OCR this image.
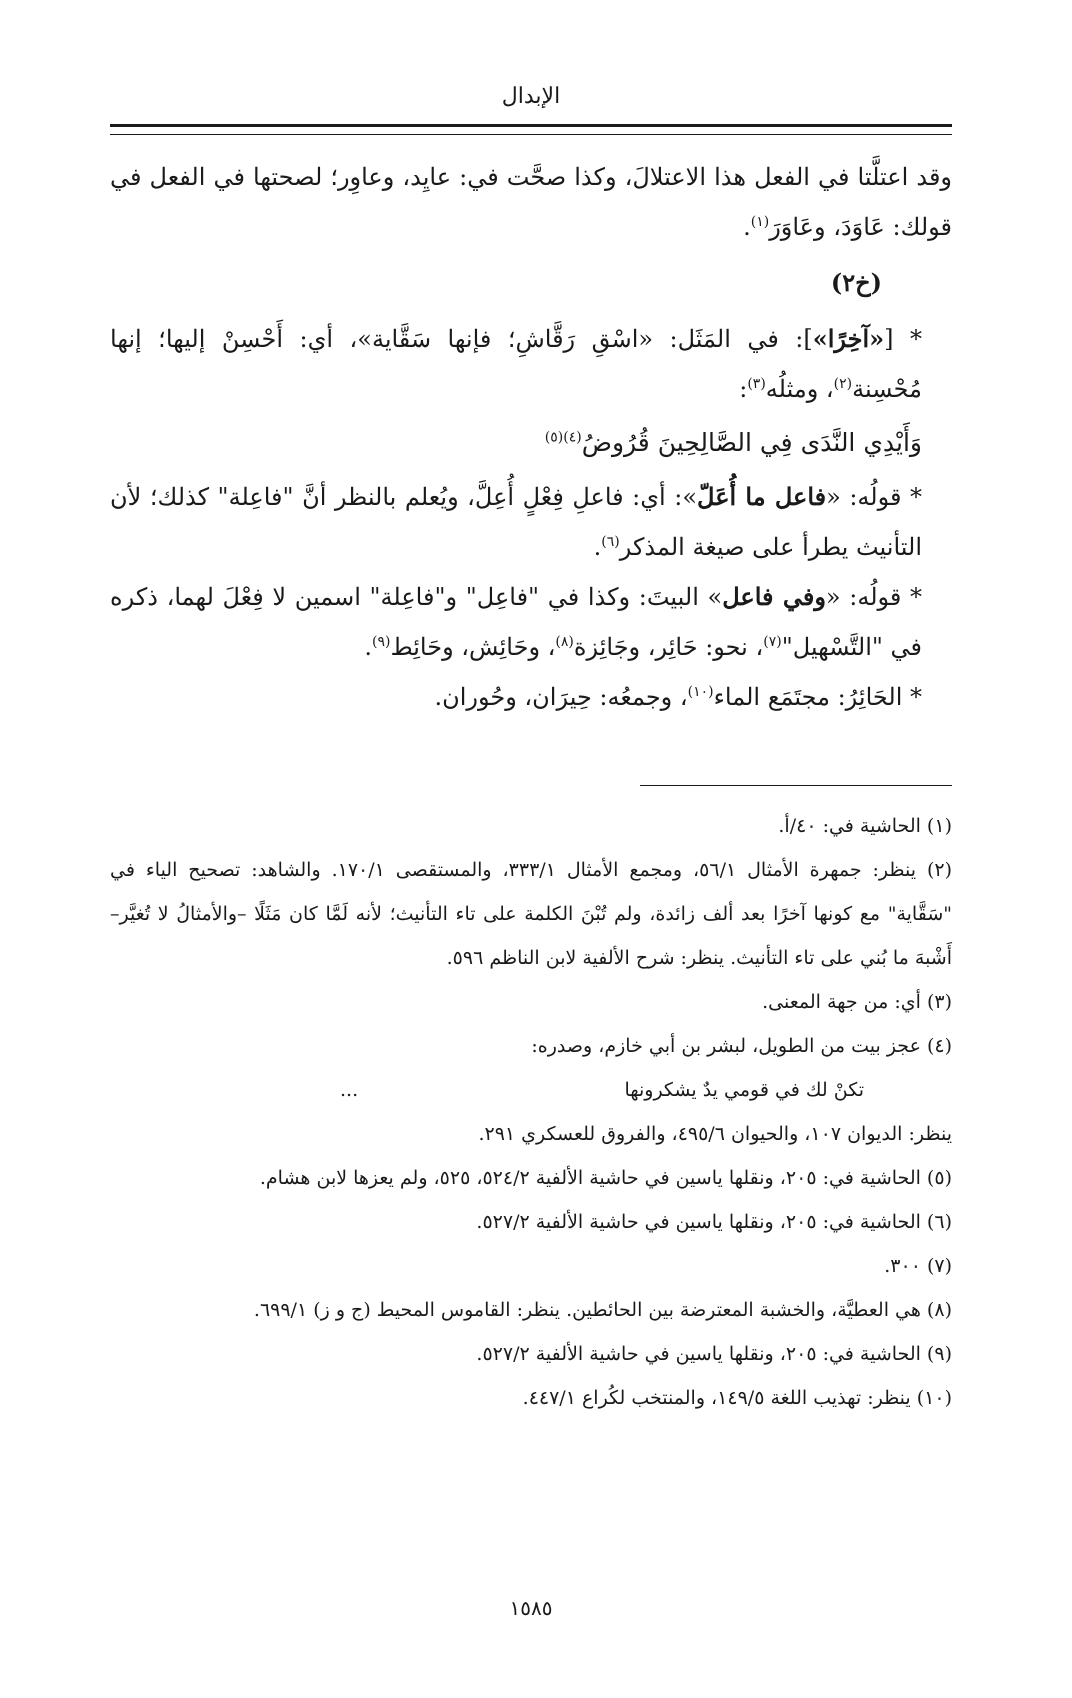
الإبدال

وقد اعتلَّتا في الفعل هذا الاعتلالَ، وكذا صحَّت في: عايِد، وعاوِر؛ لصحتها في الفعل في قولك: عَاوَدَ، وعَاوَرَ$^{(١)}$.

(خ٢)

* [«آخِرًا»]: في المَثَل: «اسْقِ رَقَّاشِ؛ فإنها سَقَّاية»، أي: أَحْسِنْ إليها؛ إنها مُحْسِنة$^{(٢)}$، ومثلُه$^{(٣)}$:

وَأَيْدِي النَّدَى فِي الصَّالِحِينَ قُرُوضُ$^{(٤)(٥)}$

* قولُه: «فاعل ما أُعَلّ»: أي: فاعلِ فِعْلٍ أُعِلَّ، ويُعلم بالنظر أنَّ "فاعِلة" كذلك؛ لأن التأنيث يطرأ على صيغة المذكر$^{(٦)}$.

* قولُه: «وفي فاعل» البيتَ: وكذا في "فاعِل" و"فاعِلة" اسمين لا فِعْلَ لهما، ذكره في "التَّسْهيل"$^{(٧)}$، نحو: حَائِر، وجَائِزة$^{(٨)}$، وحَائِش، وحَائِط$^{(٩)}$.

* الحَائِرُ: مجتَمَع الماء$^{(١٠)}$، وجمعُه: حِيرَان، وحُوران.

(١) الحاشية في: ٤٠/أ.

(٢) ينظر: جمهرة الأمثال ٥٦/١، ومجمع الأمثال ٣٣٣/١، والمستقصى ١٧٠/١. والشاهد: تصحيح الياء في "سَقَّاية" مع كونها آخرًا بعد ألف زائدة، ولم تُبْنَ الكلمة على تاء التأنيث؛ لأنه لَمَّا كان مَثَلًا –والأمثالُ لا تُغيَّر– أَشْبهَ ما بُني على تاء التأنيث. ينظر: شرح الألفية لابن الناظم ٥٩٦.

(٣) أي: من جهة المعنى.

(٤) عجز بيت من الطويل، لبشر بن أبي خازم، وصدره:

تكنْ لك في قومي يدٌ يشكرونها
...

ينظر: الديوان ١٠٧، والحيوان ٤٩٥/٦، والفروق للعسكري ٢٩١.

(٥) الحاشية في: ٢٠٥، ونقلها ياسين في حاشية الألفية ٥٢٤/٢، ٥٢٥، ولم يعزها لابن هشام.

(٦) الحاشية في: ٢٠٥، ونقلها ياسين في حاشية الألفية ٥٢٧/٢.

(٧) ٣٠٠.

(٨) هي العطيَّة، والخشبة المعترضة بين الحائطين. ينظر: القاموس المحيط (ج و ز) ٦٩٩/١.

(٩) الحاشية في: ٢٠٥، ونقلها ياسين في حاشية الألفية ٥٢٧/٢.

(١٠) ينظر: تهذيب اللغة ١٤٩/٥، والمنتخب لكُراع ٤٤٧/١.

١٥٨٥
